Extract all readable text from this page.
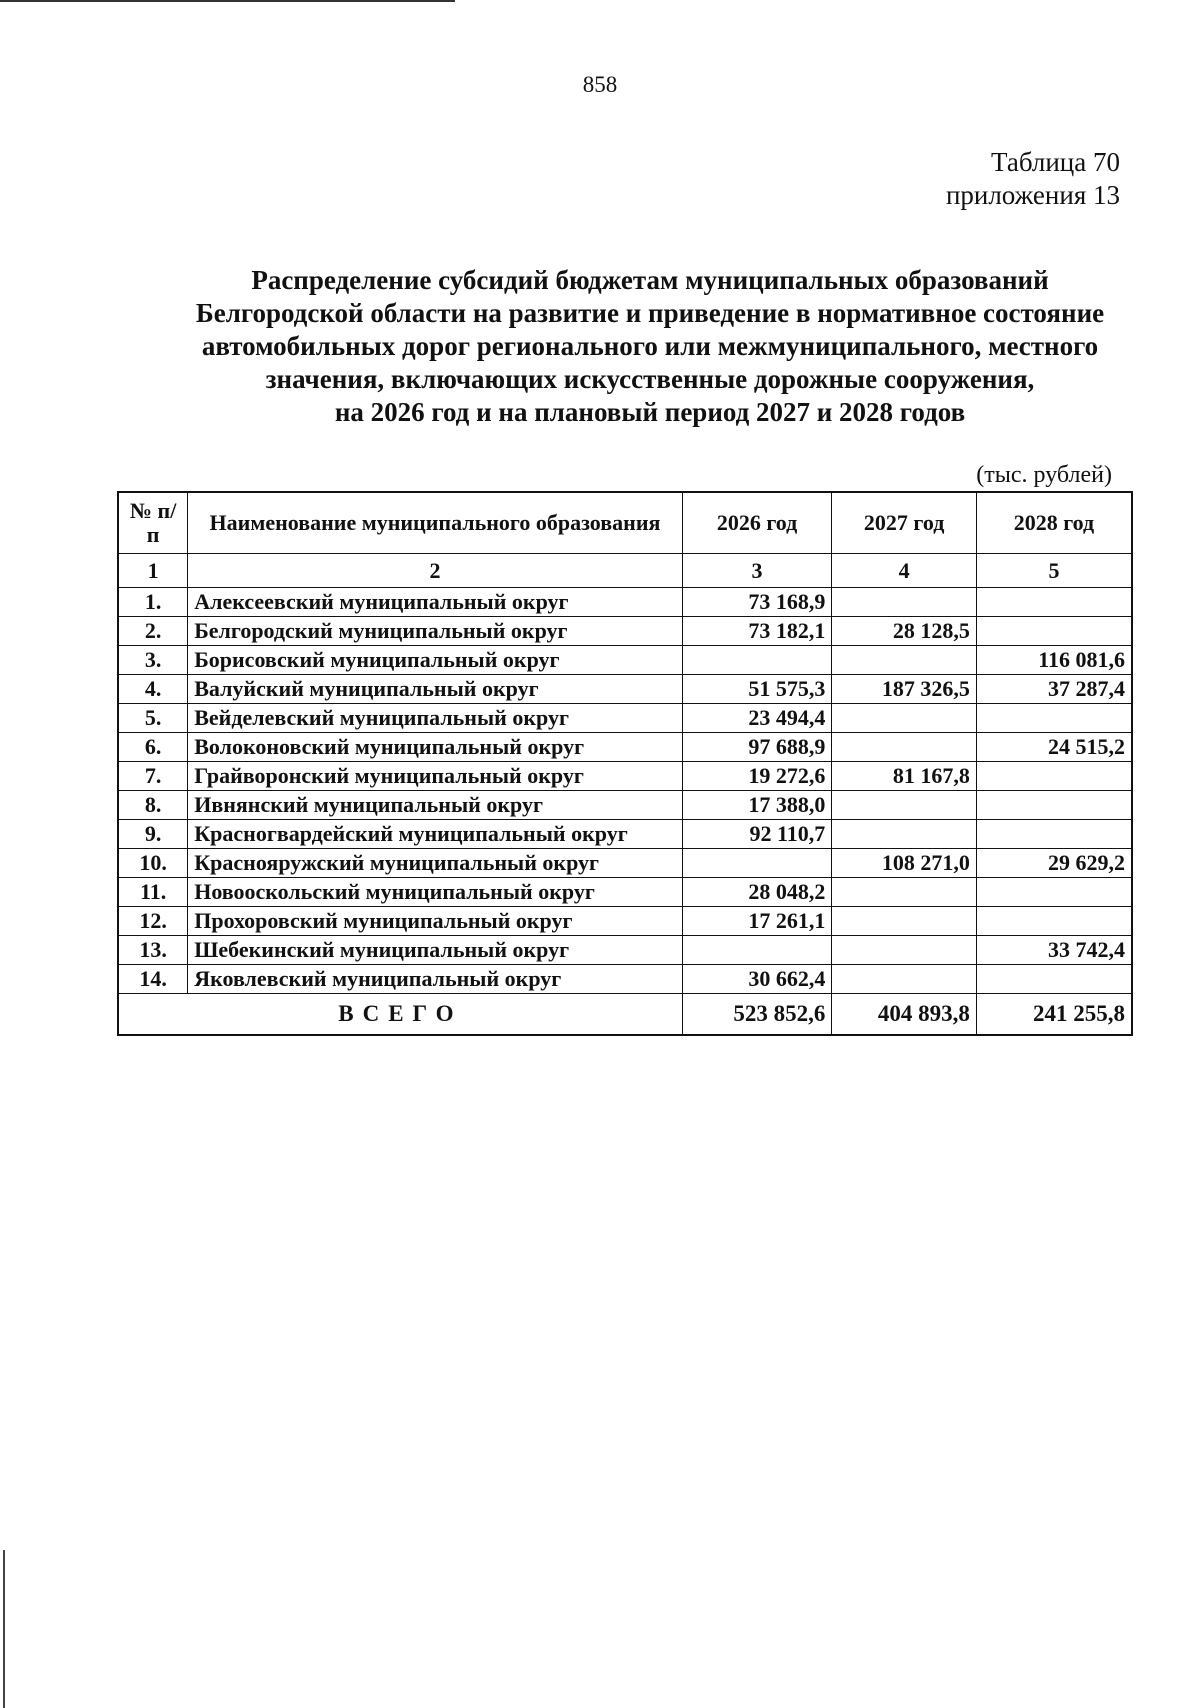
858
Таблица 70
приложения 13
Распределение субсидий бюджетам муниципальных образований
Белгородской области на развитие и приведение в нормативное состояние
автомобильных дорог регионального или межмуниципального, местного
значения, включающих искусственные дорожные сооружения,
на 2026 год и на плановый период 2027 и 2028 годов
(тыс. рублей)
№ п/п	Наименование муниципального образования	2026 год	2027 год	2028 год
1	2	3	4	5
1.	Алексеевский муниципальный округ	73 168,9		
2.	Белгородский муниципальный округ	73 182,1	28 128,5	
3.	Борисовский муниципальный округ			116 081,6
4.	Валуйский муниципальный округ	51 575,3	187 326,5	37 287,4
5.	Вейделевский муниципальный округ	23 494,4		
6.	Волоконовский муниципальный округ	97 688,9		24 515,2
7.	Грайворонский муниципальный округ	19 272,6	81 167,8	
8.	Ивнянский муниципальный округ	17 388,0		
9.	Красногвардейский муниципальный округ	92 110,7		
10.	Краснояружский муниципальный округ		108 271,0	29 629,2
11.	Новооскольский муниципальный округ	28 048,2		
12.	Прохоровский муниципальный округ	17 261,1		
13.	Шебекинский муниципальный округ			33 742,4
14.	Яковлевский муниципальный округ	30 662,4		
ВСЕГО		523 852,6	404 893,8	241 255,8
